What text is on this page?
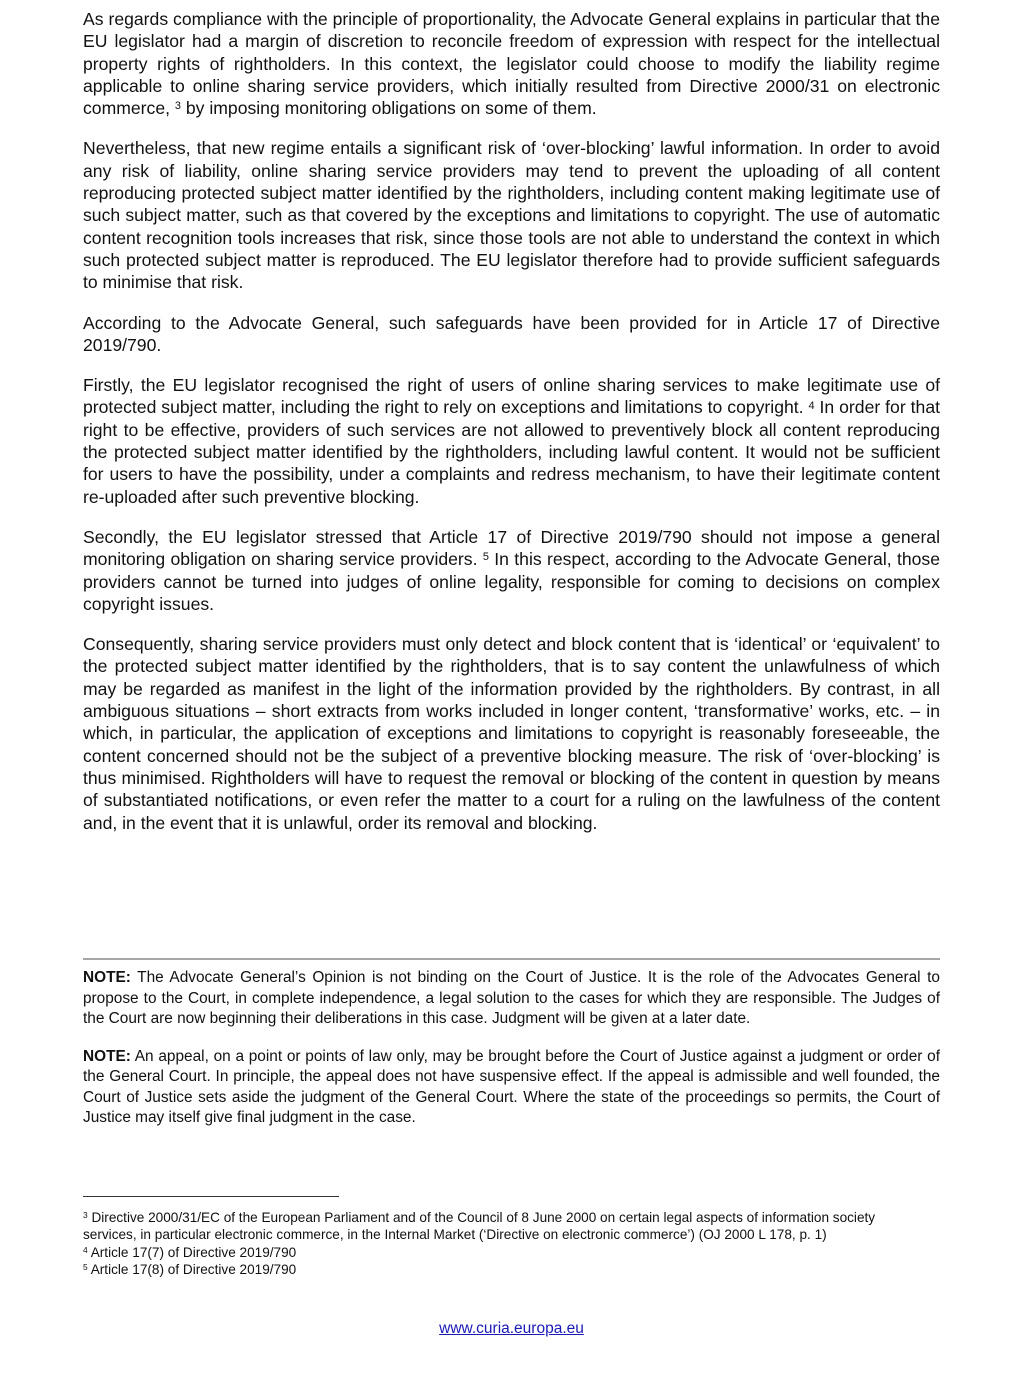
As regards compliance with the principle of proportionality, the Advocate General explains in particular that the EU legislator had a margin of discretion to reconcile freedom of expression with respect for the intellectual property rights of rightholders. In this context, the legislator could choose to modify the liability regime applicable to online sharing service providers, which initially resulted from Directive 2000/31 on electronic commerce, $^3$ by imposing monitoring obligations on some of them.

Nevertheless, that new regime entails a significant risk of ‘over-blocking’ lawful information. In order to avoid any risk of liability, online sharing service providers may tend to prevent the uploading of all content reproducing protected subject matter identified by the rightholders, including content making legitimate use of such subject matter, such as that covered by the exceptions and limitations to copyright. The use of automatic content recognition tools increases that risk, since those tools are not able to understand the context in which such protected subject matter is reproduced. The EU legislator therefore had to provide sufficient safeguards to minimise that risk.

According to the Advocate General, such safeguards have been provided for in Article 17 of Directive 2019/790.

Firstly, the EU legislator recognised the right of users of online sharing services to make legitimate use of protected subject matter, including the right to rely on exceptions and limitations to copyright. $^4$ In order for that right to be effective, providers of such services are not allowed to preventively block all content reproducing the protected subject matter identified by the rightholders, including lawful content. It would not be sufficient for users to have the possibility, under a complaints and redress mechanism, to have their legitimate content re-uploaded after such preventive blocking.

Secondly, the EU legislator stressed that Article 17 of Directive 2019/790 should not impose a general monitoring obligation on sharing service providers. $^5$ In this respect, according to the Advocate General, those providers cannot be turned into judges of online legality, responsible for coming to decisions on complex copyright issues.

Consequently, sharing service providers must only detect and block content that is ‘identical’ or ‘equivalent’ to the protected subject matter identified by the rightholders, that is to say content the unlawfulness of which may be regarded as manifest in the light of the information provided by the rightholders. By contrast, in all ambiguous situations – short extracts from works included in longer content, ‘transformative’ works, etc. – in which, in particular, the application of exceptions and limitations to copyright is reasonably foreseeable, the content concerned should not be the subject of a preventive blocking measure. The risk of ‘over-blocking’ is thus minimised. Rightholders will have to request the removal or blocking of the content in question by means of substantiated notifications, or even refer the matter to a court for a ruling on the lawfulness of the content and, in the event that it is unlawful, order its removal and blocking.

NOTE: The Advocate General’s Opinion is not binding on the Court of Justice. It is the role of the Advocates General to propose to the Court, in complete independence, a legal solution to the cases for which they are responsible. The Judges of the Court are now beginning their deliberations in this case. Judgment will be given at a later date.

NOTE: An appeal, on a point or points of law only, may be brought before the Court of Justice against a judgment or order of the General Court. In principle, the appeal does not have suspensive effect. If the appeal is admissible and well founded, the Court of Justice sets aside the judgment of the General Court. Where the state of the proceedings so permits, the Court of Justice may itself give final judgment in the case.

$^3$ Directive 2000/31/EC of the European Parliament and of the Council of 8 June 2000 on certain legal aspects of information society services, in particular electronic commerce, in the Internal Market (‘Directive on electronic commerce’) (OJ 2000 L 178, p. 1)

$^4$ Article 17(7) of Directive 2019/790

$^5$ Article 17(8) of Directive 2019/790

www.curia.europa.eu
